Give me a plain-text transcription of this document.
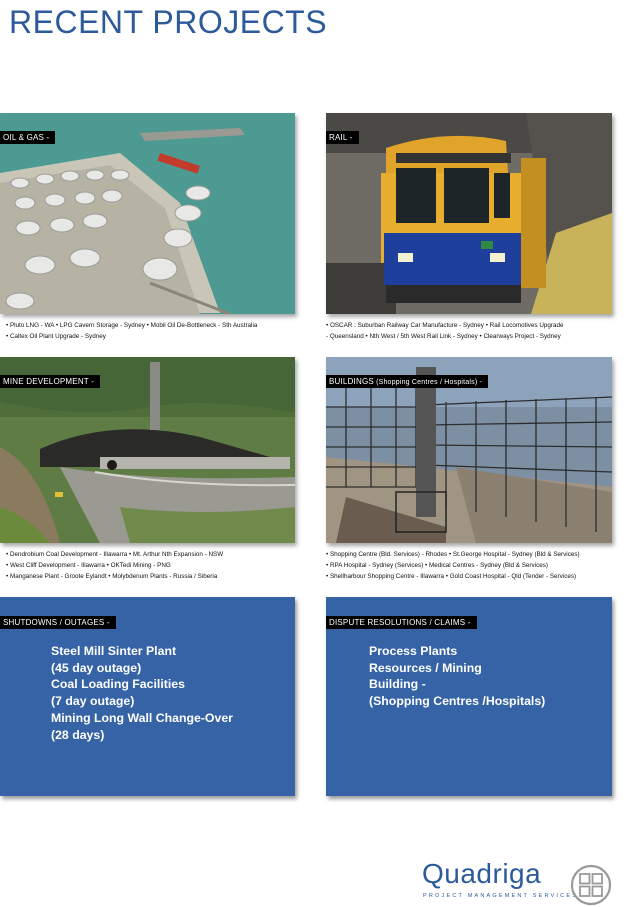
RECENT PROJECTS
OIL & GAS -
• Pluto LNG - WA • LPG Cavern Storage - Sydney • Mobil Oil De-Bottleneck - Sth Australia
• Caltex Oil Plant Upgrade - Sydney
RAIL -
• OSCAR : Suburban Railway Car Manufacture - Sydney • Rail Locomotives Upgrade
- Queensland • Nth West / 5th West Rail Link - Sydney • Clearways Project - Sydney
MINE DEVELOPMENT -
• Dendrobium Coal Development - Illawarra • Mt. Arthur Nth Expansion - NSW
• West Cliff Development - Illawarra • OKTedi Mining - PNG
• Manganese Plant - Groote Eylandt • Molybdenum Plants - Russia / Siberia
BUILDINGS (Shopping Centres / Hospitals) -
• Shopping Centre (Bld. Services) - Rhodes • St.George Hospital - Sydney (Bld & Services)
• RPA Hospital - Sydney (Services) • Medical Centres - Sydney (Bld & Services)
• Shellharbour Shopping Centre - Illawarra • Gold Coast Hospital - Qld (Tender - Services)
SHUTDOWNS / OUTAGES -
Steel Mill Sinter Plant
(45 day outage)
Coal Loading Facilities
(7 day outage)
Mining Long Wall Change-Over
(28 days)
DISPUTE RESOLUTIONS / CLAIMS -
Process Plants
Resources / Mining
Building -
(Shopping Centres /Hospitals)
Quadriga
PROJECT MANAGEMENT SERVICES
